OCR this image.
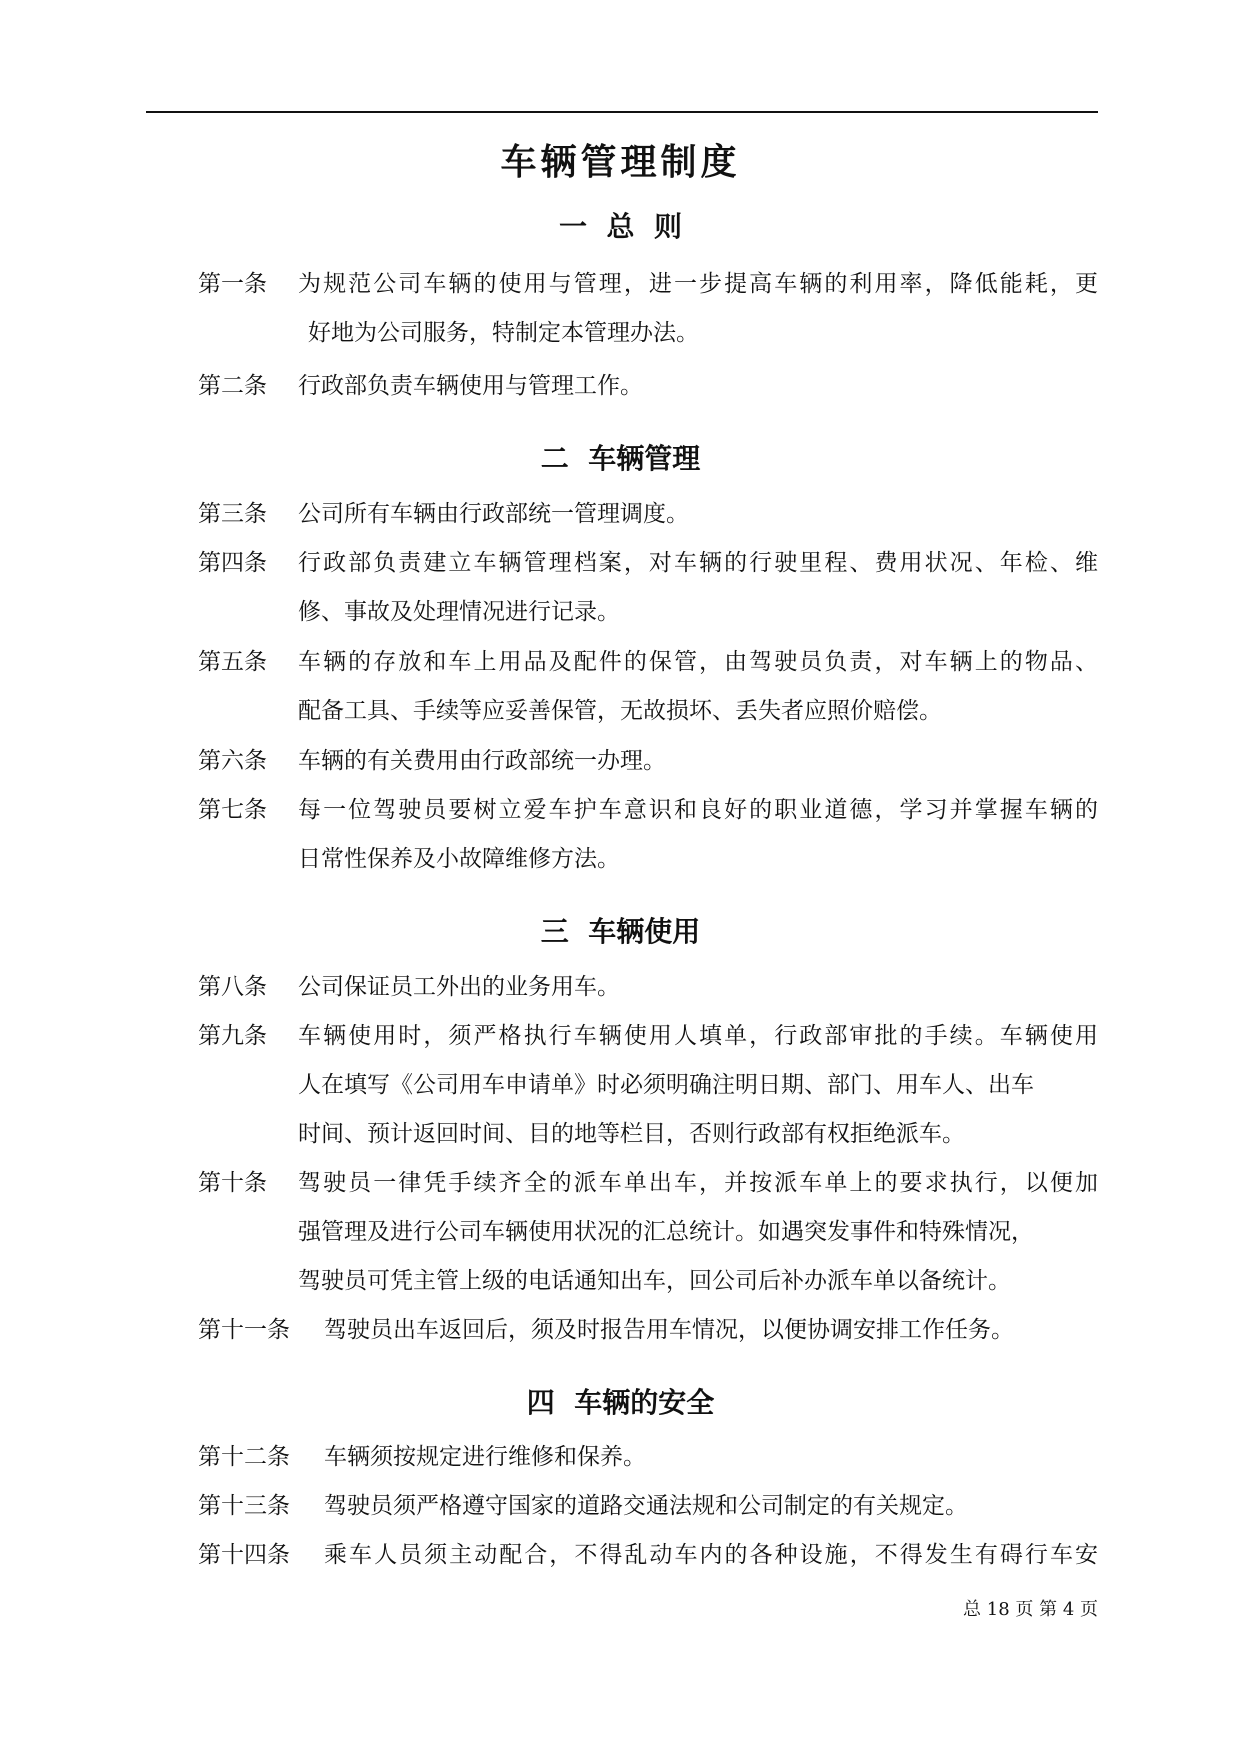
车辆管理制度
一  总  则
第一条	为规范公司车辆的使用与管理，进一步提高车辆的利用率，降低能耗，更
好地为公司服务，特制定本管理办法。
第二条	行政部负责车辆使用与管理工作。
二  车辆管理
第三条	公司所有车辆由行政部统一管理调度。
第四条	行政部负责建立车辆管理档案，对车辆的行驶里程、费用状况、年检、维
修、事故及处理情况进行记录。
第五条	车辆的存放和车上用品及配件的保管，由驾驶员负责，对车辆上的物品、
配备工具、手续等应妥善保管，无故损坏、丢失者应照价赔偿。
第六条	车辆的有关费用由行政部统一办理。
第七条	每一位驾驶员要树立爱车护车意识和良好的职业道德，学习并掌握车辆的
日常性保养及小故障维修方法。
三  车辆使用
第八条	公司保证员工外出的业务用车。
第九条	车辆使用时，须严格执行车辆使用人填单，行政部审批的手续。车辆使用
人在填写《公司用车申请单》时必须明确注明日期、部门、用车人、出车
时间、预计返回时间、目的地等栏目，否则行政部有权拒绝派车。
第十条	驾驶员一律凭手续齐全的派车单出车，并按派车单上的要求执行，以便加
强管理及进行公司车辆使用状况的汇总统计。如遇突发事件和特殊情况，
驾驶员可凭主管上级的电话通知出车，回公司后补办派车单以备统计。
第十一条	驾驶员出车返回后，须及时报告用车情况，以便协调安排工作任务。
四  车辆的安全
第十二条	车辆须按规定进行维修和保养。
第十三条	驾驶员须严格遵守国家的道路交通法规和公司制定的有关规定。
第十四条	乘车人员须主动配合，不得乱动车内的各种设施，不得发生有碍行车安
总 18 页 第 4 页
